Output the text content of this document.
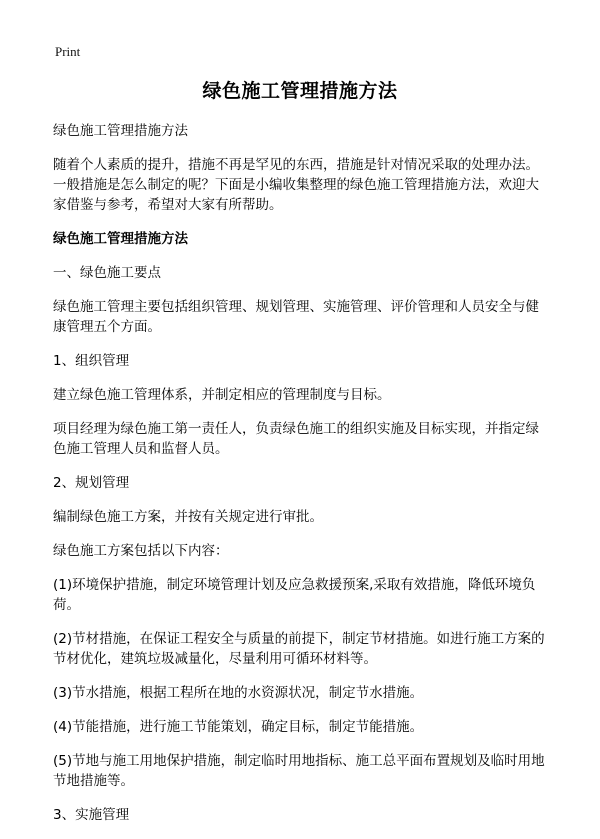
Print
绿色施工管理措施方法

绿色施工管理措施方法

随着个人素质的提升，措施不再是罕见的东西，措施是针对情况采取的处理办法。一般措施是怎么制定的呢？下面是小编收集整理的绿色施工管理措施方法，欢迎大家借鉴与参考，希望对大家有所帮助。

绿色施工管理措施方法

一、绿色施工要点

绿色施工管理主要包括组织管理、规划管理、实施管理、评价管理和人员安全与健康管理五个方面。

1、组织管理

建立绿色施工管理体系，并制定相应的管理制度与目标。

项目经理为绿色施工第一责任人，负责绿色施工的组织实施及目标实现，并指定绿色施工管理人员和监督人员。

2、规划管理

编制绿色施工方案，并按有关规定进行审批。

绿色施工方案包括以下内容：

(1)环境保护措施，制定环境管理计划及应急救援预案,采取有效措施，降低环境负荷。

(2)节材措施，在保证工程安全与质量的前提下，制定节材措施。如进行施工方案的节材优化，建筑垃圾减量化，尽量利用可循环材料等。

(3)节水措施，根据工程所在地的水资源状况，制定节水措施。

(4)节能措施，进行施工节能策划，确定目标，制定节能措施。

(5)节地与施工用地保护措施，制定临时用地指标、施工总平面布置规划及临时用地节地措施等。

3、实施管理
